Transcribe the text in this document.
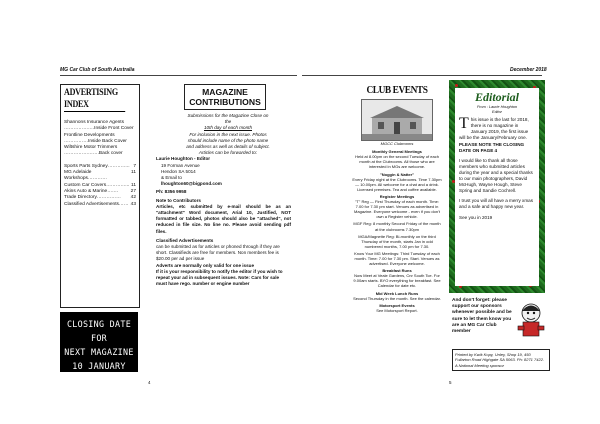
MG Car Club of South Australia	December 2018
ADVERTISING INDEX
Shannons Insurance Agents
……………….Inside Front Cover
Frontline Developments
……………Inside Back Cover
Wiltshire Motor Trimmers
………………….Back cover
Sports Parts Sydney………….. 7
MG Adelaide Workshops…………
11
Custom Car Covers…………... 11
Akins Auto & Marine…….	27
Trade Directory…………… 42
Classified Advertisements…… 43
CLOSING DATE FOR
NEXT MAGAZINE
10 JANUARY 2019
MAGAZINE
CONTRIBUTIONS
Submissions for the Magazine Close on the
10th day of each month
For inclusion in the next issue. Photos should include name of the photo name and address as well as details of subject.
Articles can be forwarded to:
Laurie Houghton - Editor
19 Forman Avenue
Hendon SA 5014
& Email to
lhoughton60@bigpond.com
Ph: 8356 9958
Note to Contributors
Articles, etc submitted by e-mail should be as an "attachment" Word document, Arial 10, Justified, NOT formatted or tabbed, photos should also be "attached", not reduced in file size. No line no. Please avoid sending pdf files.
Classified Advertisements
can be submitted as for articles or phoned through if they are short. Classifieds are free for members. Non members fee is $20.00 per ad per issue
Adverts are normally only valid for one issue
If it is your responsibility to notify the editor if you wish to repeat your ad in subsequent issues. Note: Cars for sale must have rego. number or engine number
4
CLUB EVENTS
MGCC Clubrooms

Monthly General Meetings

Held at 8.00pm on the second Tuesday of each month at the Clubrooms. All those who are interested in MGs are welcome.

"Noggin & Natter"

Every Friday night at the Clubrooms. Time 7.30pm — 10.00pm. All welcome for a chat and a drink. Licensed premises. Tea and coffee available.

Register Meetings

"T" Reg — First Thursday of each month. Time: 7.00 for 7.30 pm start. Venues as advertised in Magazine. Everyone welcome - even if you don't own a Register vehicle.

MGF Reg: 8 monthly Second Friday of the month at the clubrooms 7.30pm

MGA/Magnette Reg: Bi-monthly on the third Thursday of the month, starts Jan in odd numbered months, 7.00 pm for 7.30.

Know Your MG Meetings: Third Tuesday of each month. Time: 7.00 for 7.30 pm. Start. Venues as advertised. Everyone welcome.

Breakfast Runs

Now Meet at Veale Gardens, Cnr South Tce. For 9.00am starts. BYO everything for breakfast. See Calendar for date etc.

Mid Week Lunch Runs

Second Thursday in the month. See the calendar.

Motorsport Events

See Motorsport Report.

Editorial
From : Laurie Houghton
Editor
T his issue is the last for 2018, there is no magazine in January 2019, the first issue will be the January/February one. PLEASE NOTE THE CLOSING DATE ON PAGE 4

I would like to thank all those members who submitted articles during the year and a special thanks to our main photographers, David McHugh, Wayne Hough, Steve Spring and Sandie Cochrell.

I trust you will all have a merry xmas and a safe and happy new year.

See you in 2019

And don't forget: please support our sponsors whenever possible and be sure to let them know you are an MG Car Club member
Printed by Kwik Kopy, Unley, Shop 19, 450 Fullarton Road Highgate SA 5063. Ph: 8271 7422. A National Meeting sponsor
5
